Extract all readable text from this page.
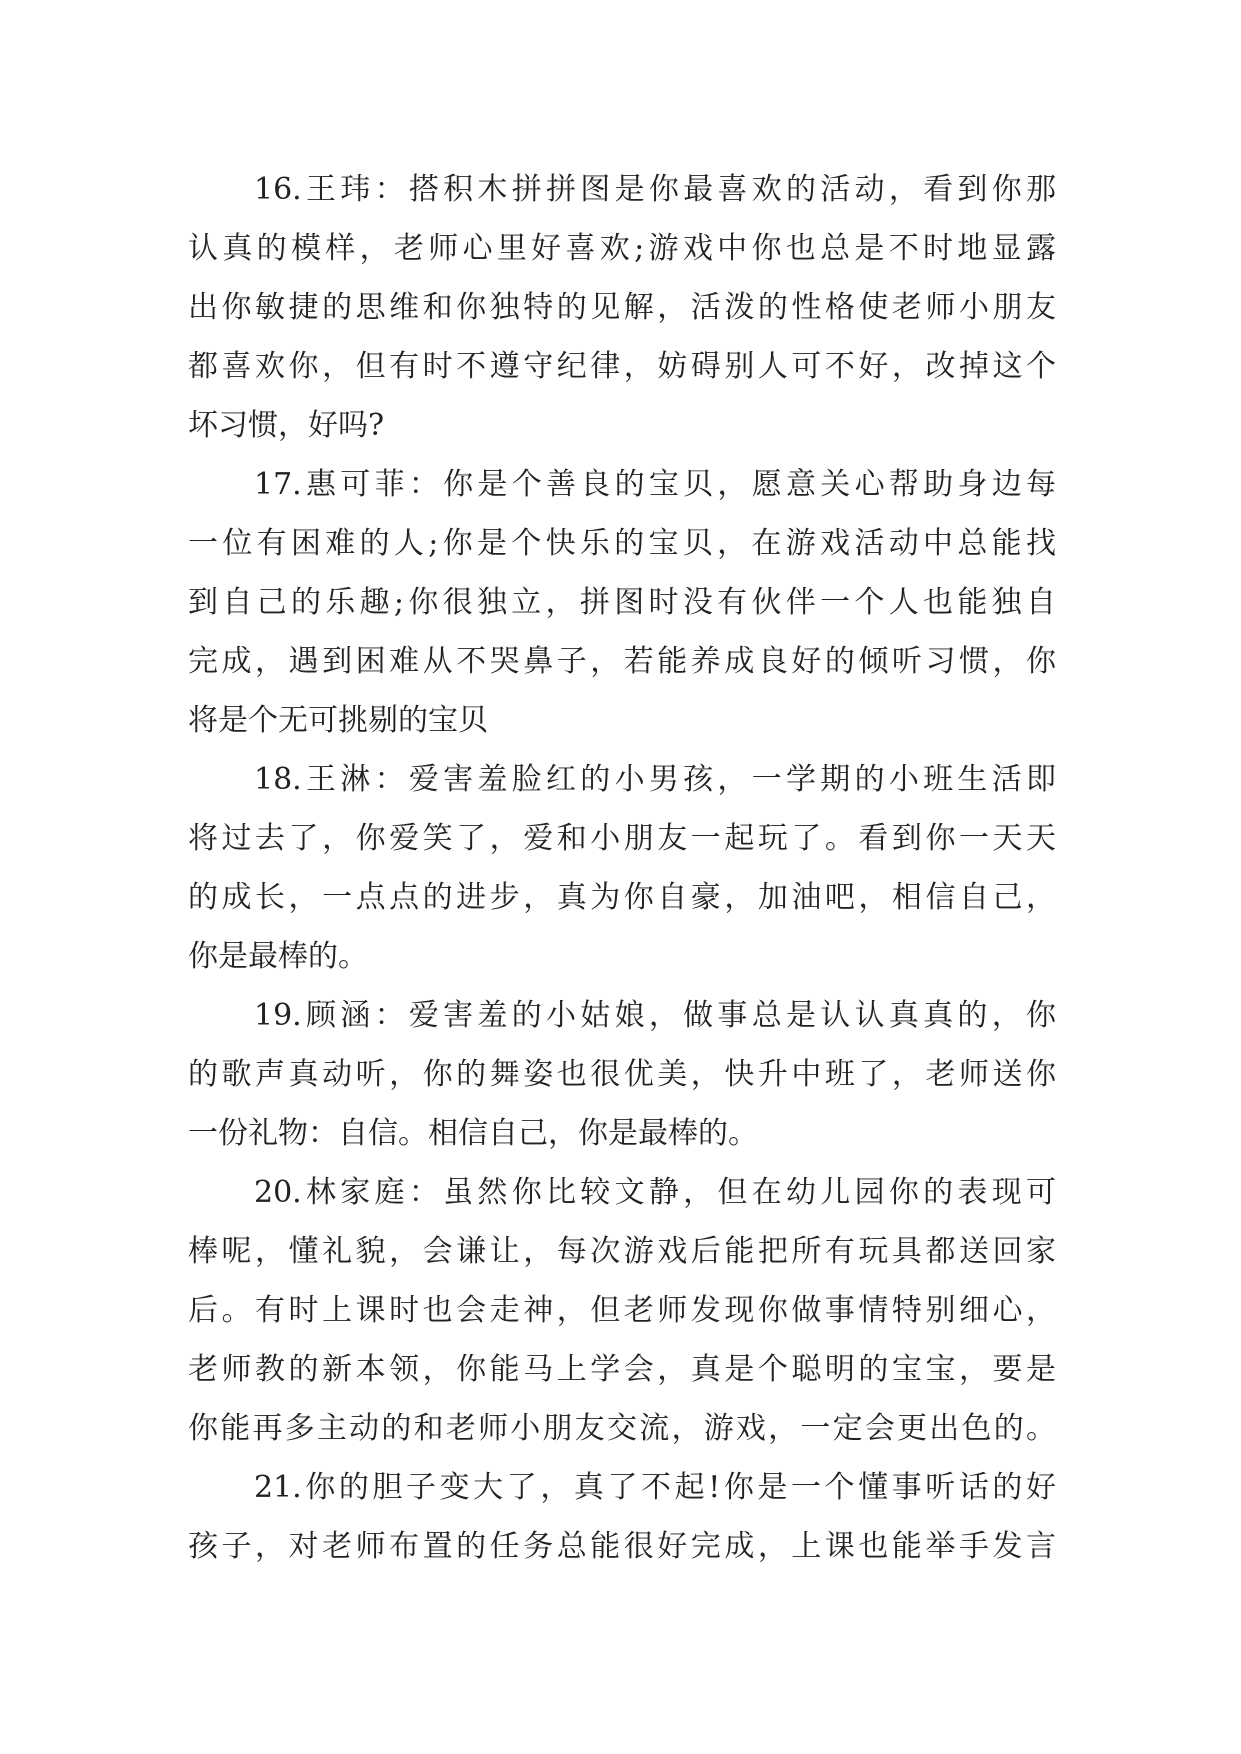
16.王玮：搭积木拼拼图是你最喜欢的活动，看到你那
认真的模样，老师心里好喜欢;游戏中你也总是不时地显露
出你敏捷的思维和你独特的见解，活泼的性格使老师小朋友
都喜欢你，但有时不遵守纪律，妨碍别人可不好，改掉这个
坏习惯，好吗?
17.惠可菲：你是个善良的宝贝，愿意关心帮助身边每
一位有困难的人;你是个快乐的宝贝，在游戏活动中总能找
到自己的乐趣;你很独立，拼图时没有伙伴一个人也能独自
完成，遇到困难从不哭鼻子，若能养成良好的倾听习惯，你
将是个无可挑剔的宝贝
18.王淋：爱害羞脸红的小男孩，一学期的小班生活即
将过去了，你爱笑了，爱和小朋友一起玩了。看到你一天天
的成长，一点点的进步，真为你自豪，加油吧，相信自己，
你是最棒的。
19.顾涵：爱害羞的小姑娘，做事总是认认真真的，你
的歌声真动听，你的舞姿也很优美，快升中班了，老师送你
一份礼物：自信。相信自己，你是最棒的。
20.林家庭：虽然你比较文静，但在幼儿园你的表现可
棒呢，懂礼貌，会谦让，每次游戏后能把所有玩具都送回家
后。有时上课时也会走神，但老师发现你做事情特别细心，
老师教的新本领，你能马上学会，真是个聪明的宝宝，要是
你能再多主动的和老师小朋友交流，游戏，一定会更出色的。
21.你的胆子变大了，真了不起!你是一个懂事听话的好
孩子，对老师布置的任务总能很好完成，上课也能举手发言
